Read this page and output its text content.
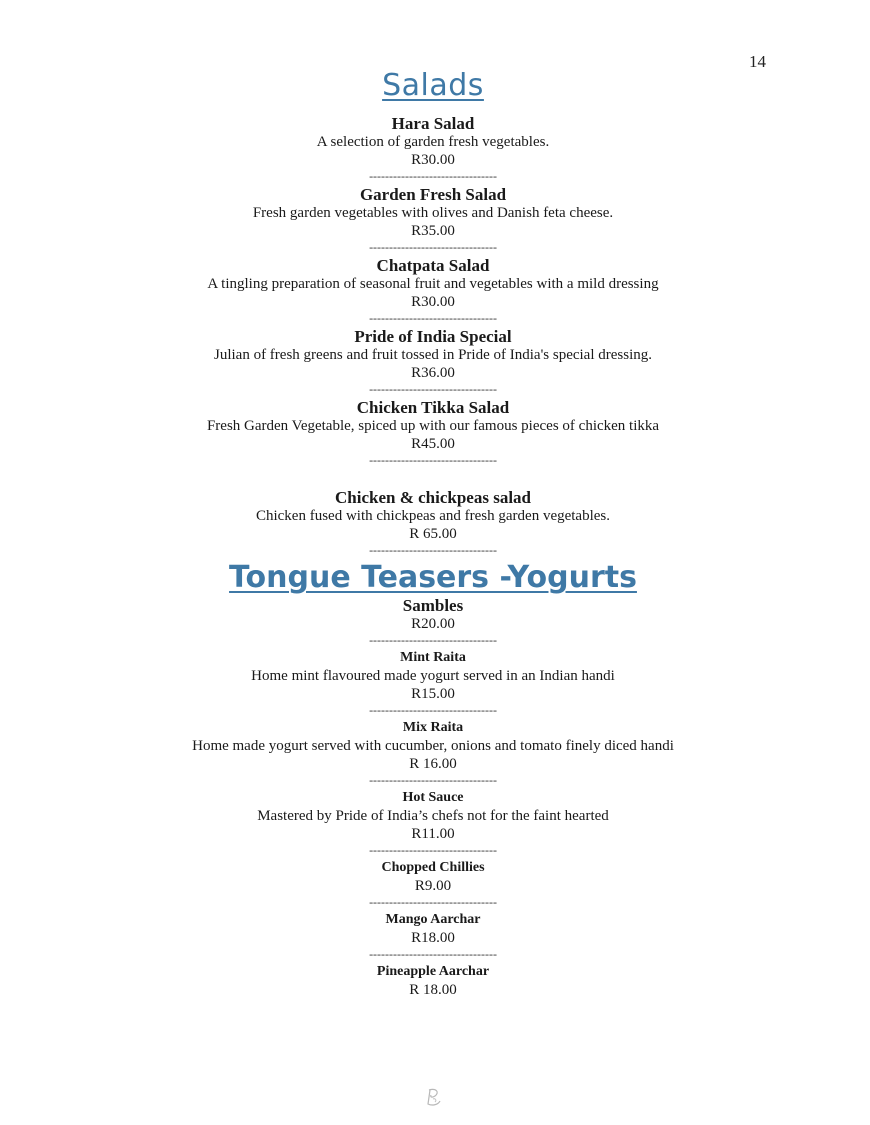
14
Salads
Hara Salad
A selection of garden fresh vegetables.
R30.00
--------------------------------
Garden Fresh Salad
Fresh garden vegetables with olives and Danish feta cheese.
R35.00
--------------------------------
Chatpata Salad
A tingling preparation of seasonal fruit and vegetables with a mild dressing
R30.00
--------------------------------
Pride of India Special
Julian of fresh greens and fruit tossed in Pride of India's special dressing.
R36.00
--------------------------------
Chicken Tikka Salad
Fresh Garden Vegetable, spiced up with our famous pieces of chicken tikka
R45.00
--------------------------------
Chicken & chickpeas salad
Chicken fused with chickpeas and fresh garden vegetables.
R 65.00
--------------------------------
Tongue Teasers -Yogurts
Sambles
R20.00
--------------------------------
Mint Raita
Home mint flavoured made yogurt served in an Indian handi
R15.00
--------------------------------
Mix Raita
Home made yogurt served with cucumber, onions and tomato finely diced handi
R 16.00
--------------------------------
Hot Sauce
Mastered by Pride of India’s chefs not for the faint hearted
R11.00
--------------------------------
Chopped Chillies
R9.00
--------------------------------
Mango Aarchar
R18.00
--------------------------------
Pineapple Aarchar
R 18.00
